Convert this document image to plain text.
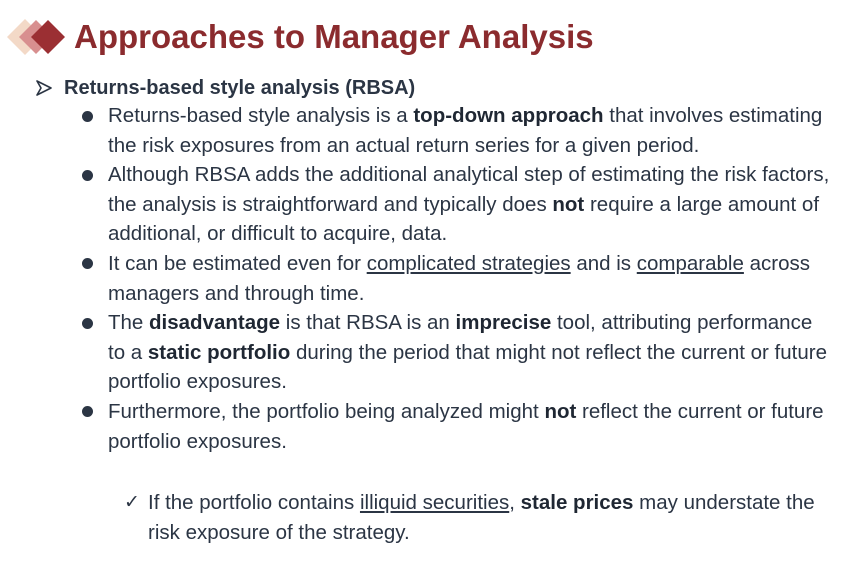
Approaches to Manager Analysis
Returns-based style analysis (RBSA)
Returns-based style analysis is a top-down approach that involves estimating the risk exposures from an actual return series for a given period.
Although RBSA adds the additional analytical step of estimating the risk factors, the analysis is straightforward and typically does not require a large amount of additional, or difficult to acquire, data.
It can be estimated even for complicated strategies and is comparable across managers and through time.
The disadvantage is that RBSA is an imprecise tool, attributing performance to a static portfolio during the period that might not reflect the current or future portfolio exposures.
Furthermore, the portfolio being analyzed might not reflect the current or future portfolio exposures.
✓ If the portfolio contains illiquid securities, stale prices may understate the risk exposure of the strategy.
